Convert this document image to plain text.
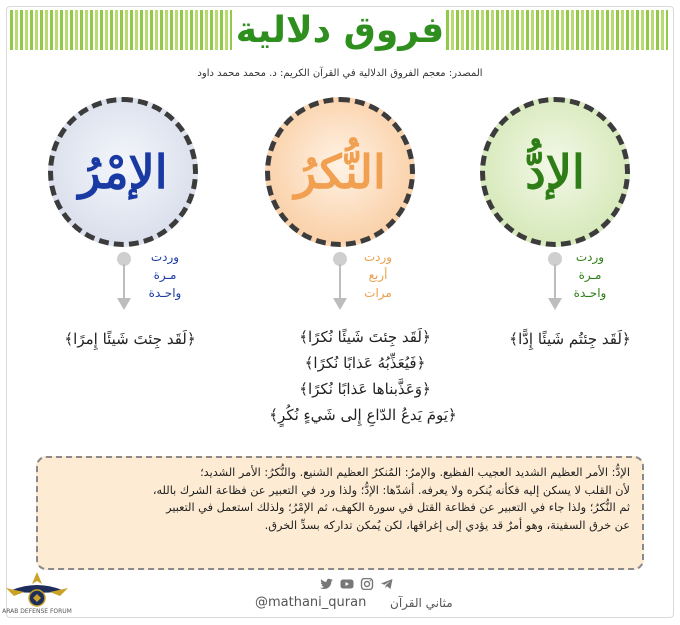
فروق دلالية
المصدر: معجم الفروق الدلالية في القرآن الكريم: د. محمد محمد داود
الإدُّ
النُّكرُ
الإمْرُ
وردت
مـرة
واحـدة
وردت
أربع
مرات
وردت
مـرة
واحـدة
﴿لَقَد جِئتُم شَيئًا إِدًّا﴾
﴿لَقَد جِئتَ شَيئًا إِمرًا﴾	﴿لَقَد جِئتَ شَيئًا نُكرًا﴾
﴿فَيُعَذِّبُهُ عَذابًا نُكرًا﴾
﴿وَعَذَّبناها عَذابًا نُكرًا﴾
﴿يَومَ يَدعُ الدّاعِ إِلى شَيءٍ نُكُرٍ﴾
الإدُّ: الأمر العظيم الشديد العجيب الفظيع. والإمرُ: المُنكرُ العظيم الشنيع. والنُّكرُ: الأمر الشديد؛
لأن القلب لا يسكن إليه فكأنه يُنكره ولا يعرفه. أشدّها: الإدُّ؛ ولذا ورد في التعبير عن فظاعة الشرك بالله،
ثم النُّكرُ؛ ولذا جاء في التعبير عن فظاعة القتل في سورة الكهف، ثم الإمْرُ؛ ولذلك استعمل في التعبير
عن خرق السفينة، وهو أمرٌ قد يؤدي إلى إغراقها، لكن يُمكن تداركه بسدِّ الخرق.
@mathani_quran مثاني القرآن
ARAB DEFENSE FORUM
